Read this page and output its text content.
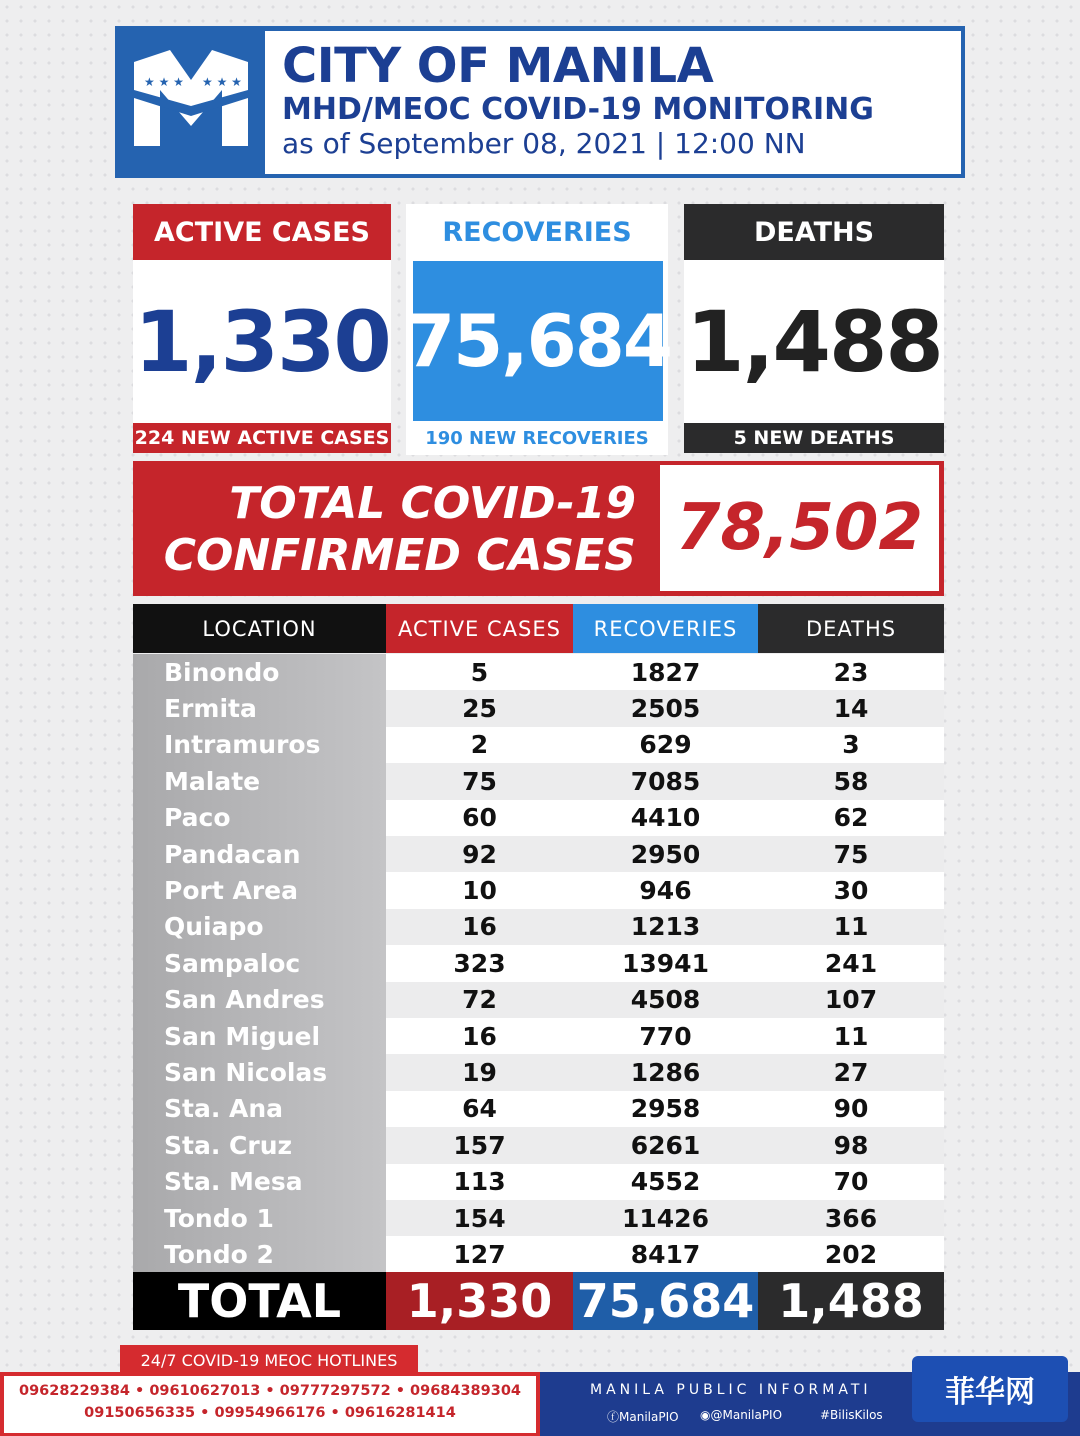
★ ★ ★ ★ ★ ★ CITY OF MANILA
MHD/MEOC COVID-19 MONITORING
as of September 08, 2021 | 12:00 NN
ACTIVE CASES
1,330
224 NEW ACTIVE CASES
RECOVERIES
75,684
190 NEW RECOVERIES
DEATHS
1,488
5 NEW DEATHS
TOTAL COVID-19
CONFIRMED CASES 78,502
LOCATION	ACTIVE CASES	RECOVERIES	DEATHS
Binondo	5	1827	23
Ermita	25	2505	14
Intramuros	2	629	3
Malate	75	7085	58
Paco	60	4410	62
Pandacan	92	2950	75
Port Area	10	946	30
Quiapo	16	1213	11
Sampaloc	323	13941	241
San Andres	72	4508	107
San Miguel	16	770	11
San Nicolas	19	1286	27
Sta. Ana	64	2958	90
Sta. Cruz	157	6261	98
Sta. Mesa	113	4552	70
Tondo 1	154	11426	366
Tondo 2	127	8417	202
TOTAL	1,330 75,684 1,488
24/7 COVID-19 MEOC HOTLINES
09628229384 • 09610627013 • 09777297572 • 09684389304
09150656335 • 09954966176 • 09616281414
MANILA PUBLIC INFORMATI
ⓕManilaPIO ◉@ManilaPIO	#BilisKilos
菲华网
